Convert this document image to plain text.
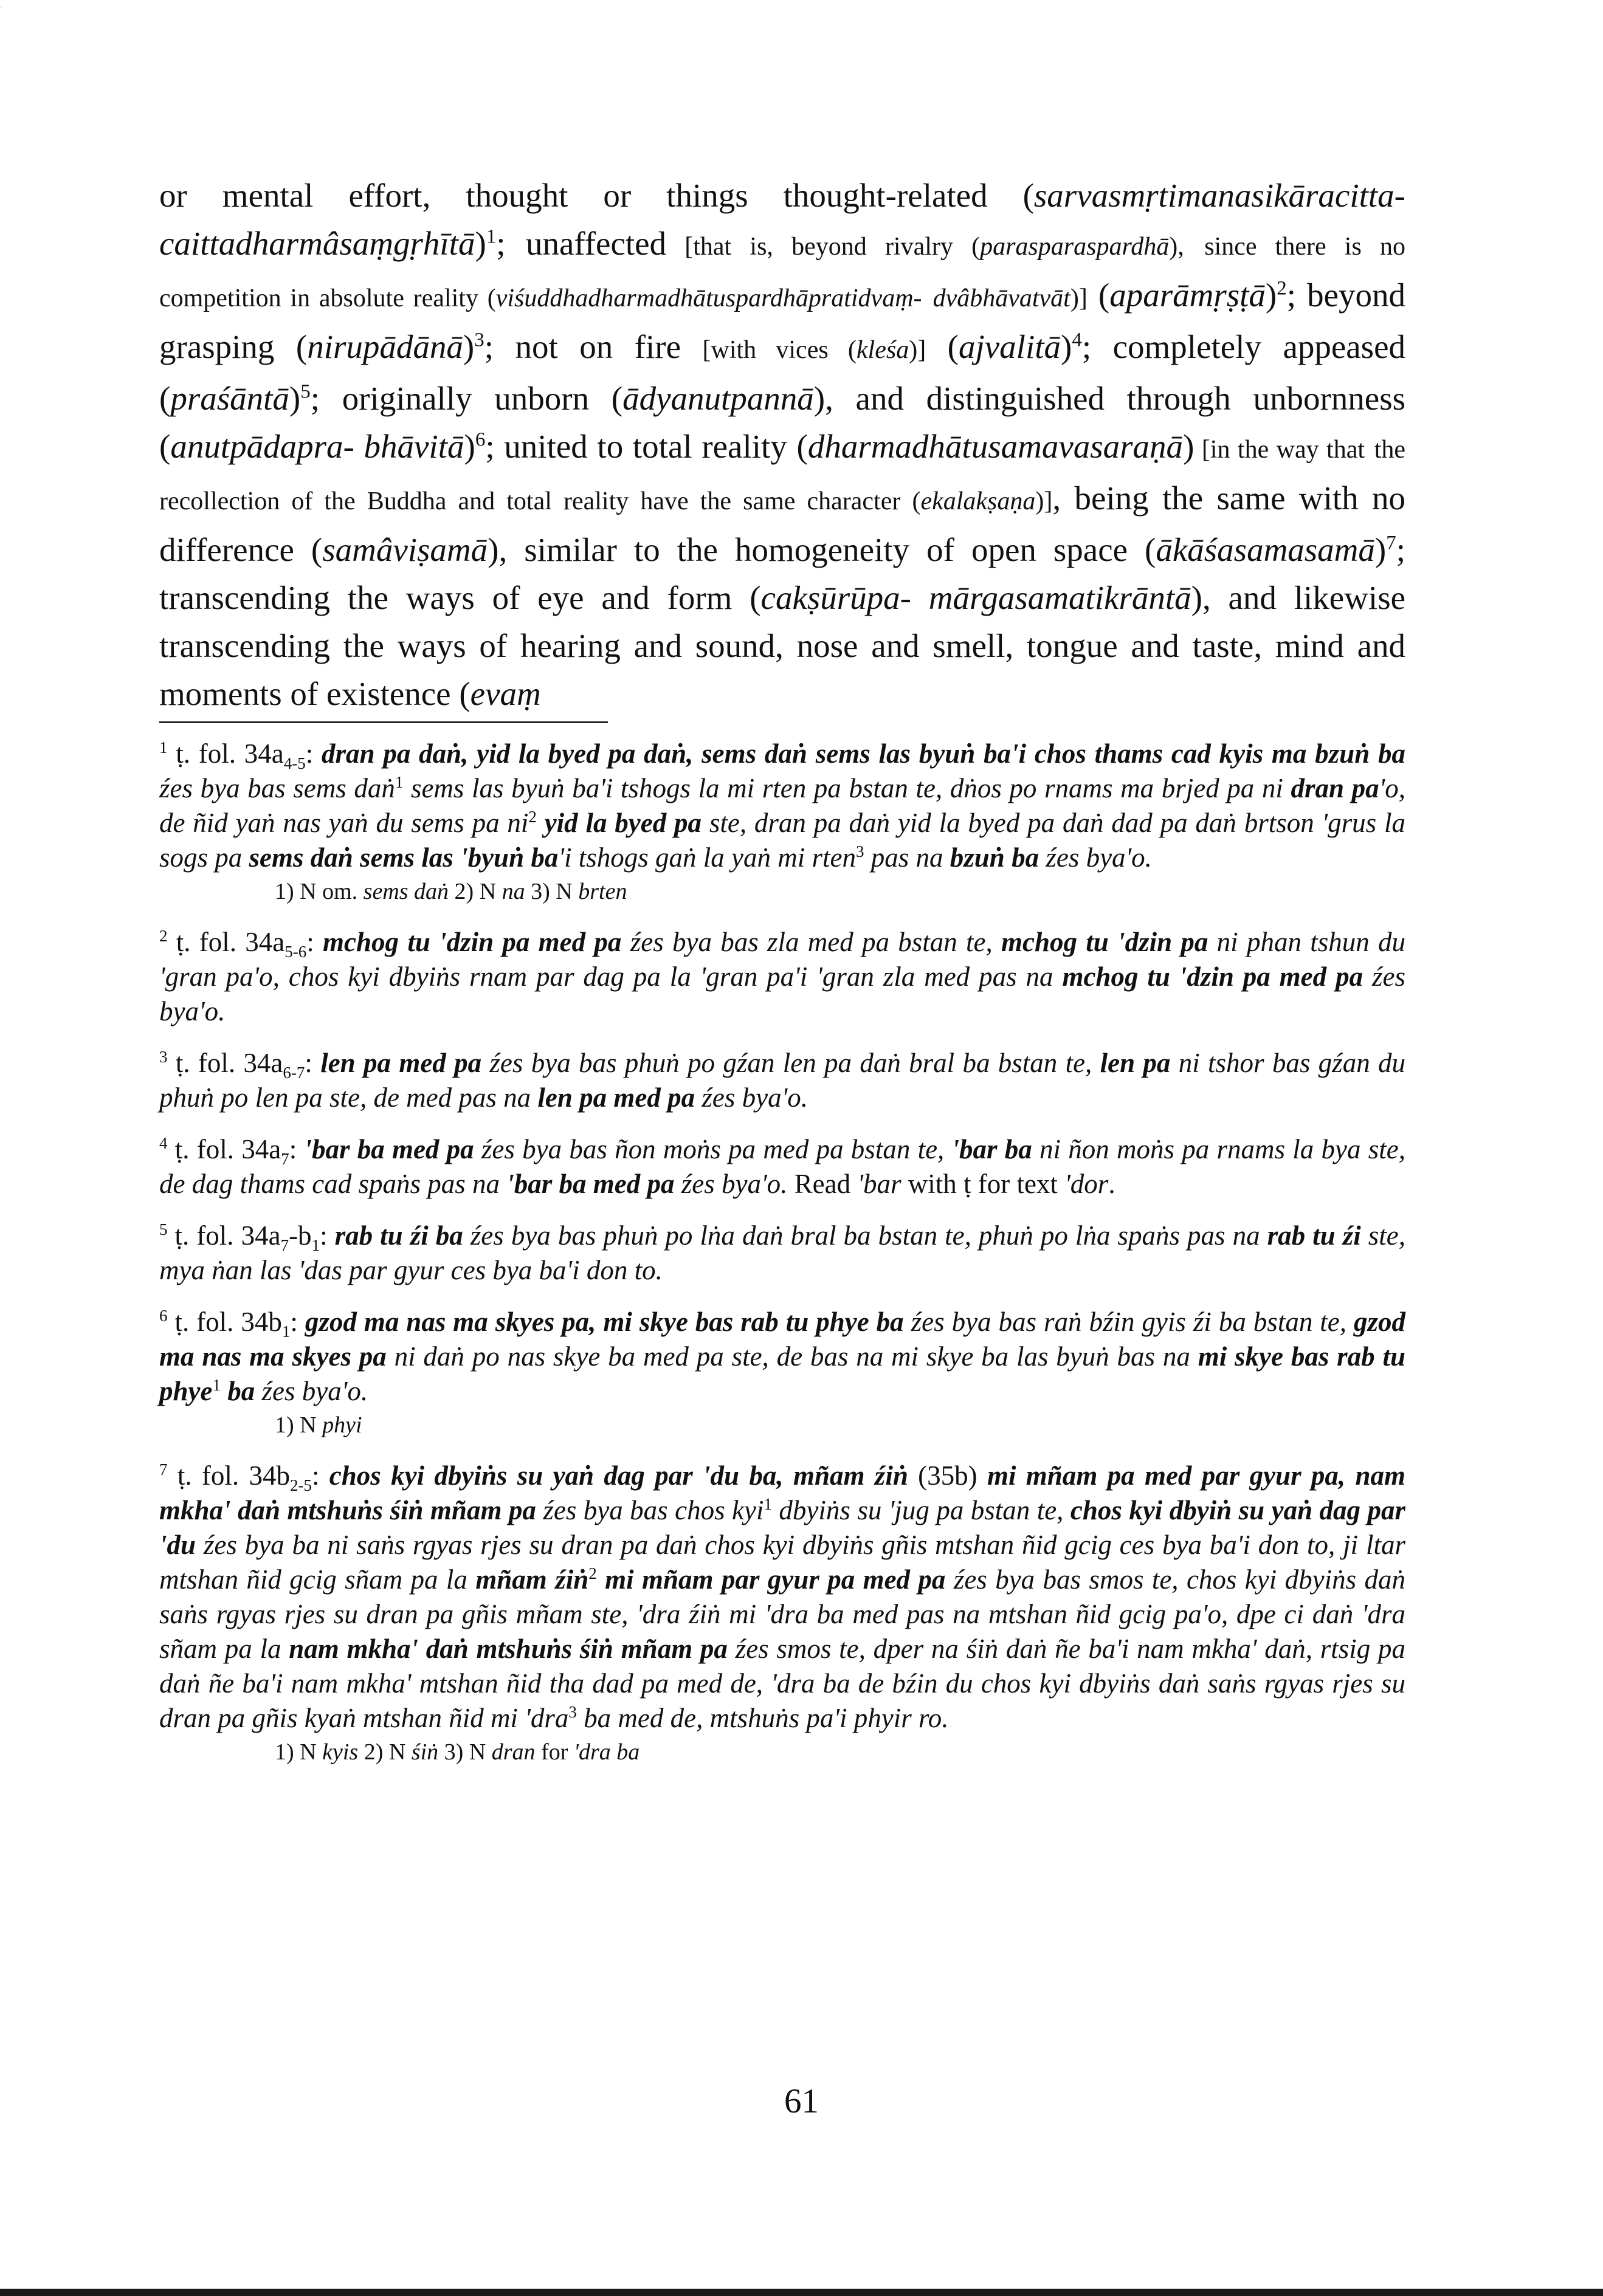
·

or mental effort, thought or things thought-related (sarvasmṛtimanasikāracitta- caittadharmâsaṃgṛhītā)$^1$; unaffected [that is, beyond rivalry (parasparaspardhā), since there is no competition in absolute reality (viśuddhadharmadhātuspardhāpratidvaṃ- dvâbhāvatvāt)] (aparāmṛṣṭā)$^2$; beyond grasping (nirupādānā)$^3$; not on fire [with vices (kleśa)] (ajvalitā)$^4$; completely appeased (praśāntā)$^5$; originally unborn (ādyanutpannā), and distinguished through unbornness (anutpādapra- bhāvitā)$^6$; united to total reality (dharmadhātusamavasaraṇā) [in the way that the recollection of the Buddha and total reality have the same character (ekalakṣaṇa)], being the same with no difference (samâviṣamā), similar to the homogeneity of open space (ākāśasamasamā)$^7$; transcending the ways of eye and form (cakṣūrūpa- mārgasamatikrāntā), and likewise transcending the ways of hearing and sound, nose and smell, tongue and taste, mind and moments of existence (evaṃ

$^1$ ṭ. fol. $34a_{4-5}$: dran pa daṅ, yid la byed pa daṅ, sems daṅ sems las byuṅ ba'i chos thams cad kyis ma bzuṅ ba źes bya bas sems daṅ$^1$ sems las byuṅ ba'i tshogs la mi rten pa bstan te, dṅos po rnams ma brjed pa ni dran pa'o, de ñid yaṅ nas yaṅ du sems pa $ni^2$ yid la byed pa ste, dran pa daṅ yid la byed pa daṅ dad pa daṅ brtson 'grus la sogs pa sems daṅ sems las 'byuṅ ba'i tshogs gaṅ la yaṅ mi rten$^3$ pas na bzuṅ ba źes bya'o.
1) N om. sems daṅ 2) N na 3) N brten

$^2$ ṭ. fol. $34a_{5-6}$: mchog tu 'dzin pa med pa źes bya bas zla med pa bstan te, mchog tu 'dzin pa ni phan tshun du 'gran pa'o, chos kyi dbyiṅs rnam par dag pa la 'gran pa'i 'gran zla med pas na mchog tu 'dzin pa med pa źes bya'o.

$^3$ ṭ. fol. $34a_{6-7}$: len pa med pa źes bya bas phuṅ po gźan len pa daṅ bral ba bstan te, len pa ni tshor bas gźan du phuṅ po len pa ste, de med pas na len pa med pa źes bya'o.

$^4$ ṭ. fol. $34a_7$: 'bar ba med pa źes bya bas ñon moṅs pa med pa bstan te, 'bar ba ni ñon moṅs pa rnams la bya ste, de dag thams cad spaṅs pas na 'bar ba med pa źes bya'o. Read 'bar with ṭ for text 'dor.

$^5$ ṭ. fol. $34a_7-b_1$: rab tu źi ba źes bya bas phuṅ po lṅa daṅ bral ba bstan te, phuṅ po lṅa spaṅs pas na rab tu źi ste, mya ṅan las 'das par gyur ces bya ba'i don to.

$^6$ ṭ. fol. $34b_1$: gzod ma nas ma skyes pa, mi skye bas rab tu phye ba źes bya bas raṅ bźin gyis źi ba bstan te, gzod ma nas ma skyes pa ni daṅ po nas skye ba med pa ste, de bas na mi skye ba las byuṅ bas na mi skye bas rab tu phye$^1$ ba źes bya'o.
1) N phyi

$^7$ ṭ. fol. $34b_{2-5}$: chos kyi dbyiṅs su yaṅ dag par 'du ba, mñam źiṅ (35b) mi mñam pa med par gyur pa, nam mkha' daṅ mtshuṅs śiṅ mñam pa źes bya bas chos kyi$^1$ dbyiṅs su 'jug pa bstan te, chos kyi dbyiṅ su yaṅ dag par 'du źes bya ba ni saṅs rgyas rjes su dran pa daṅ chos kyi dbyiṅs gñis mtshan ñid gcig ces bya ba'i don to, ji ltar mtshan ñid gcig sñam pa la mñam źiṅ$^2$ mi mñam par gyur pa med pa źes bya bas smos te, chos kyi dbyiṅs daṅ saṅs rgyas rjes su dran pa gñis mñam ste, 'dra źiṅ mi 'dra ba med pas na mtshan ñid gcig pa'o, dpe ci daṅ 'dra sñam pa la nam mkha' daṅ mtshuṅs śiṅ mñam pa źes smos te, dper na śiṅ daṅ ñe ba'i nam mkha' daṅ, rtsig pa daṅ ñe ba'i nam mkha' mtshan ñid tha dad pa med de, 'dra ba de bźin du chos kyi dbyiṅs daṅ saṅs rgyas rjes su dran pa gñis kyaṅ mtshan ñid mi 'dra$^3$ ba med de, mtshuṅs pa'i phyir ro.
1) N kyis 2) N śiṅ 3) N dran for 'dra ba

61
